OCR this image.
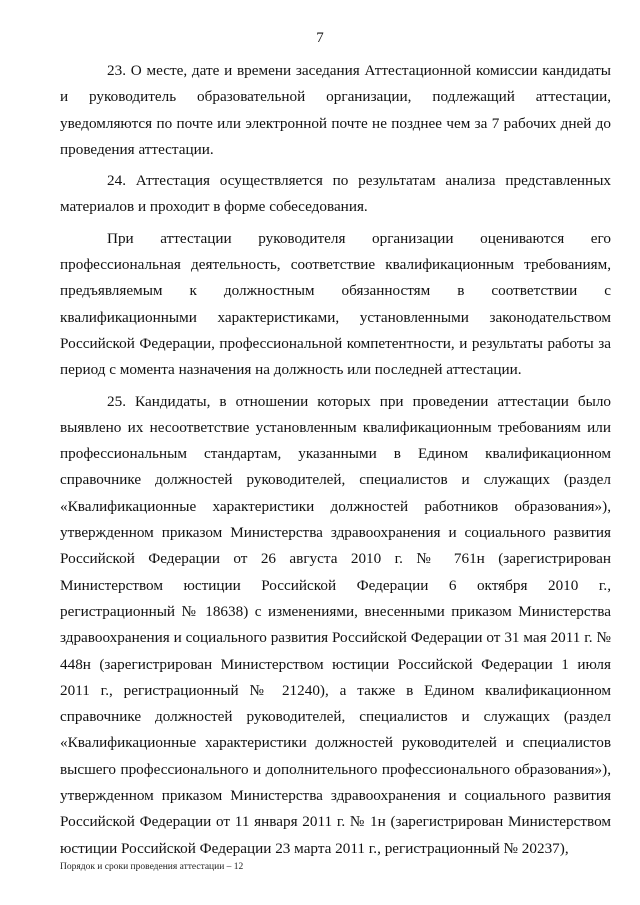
7

23. О месте, дате и времени заседания Аттестационной комиссии кандидаты и руководитель образовательной организации, подлежащий аттестации, уведомляются по почте или электронной почте не позднее чем за 7 рабочих дней до проведения аттестации.

24. Аттестация осуществляется по результатам анализа представленных материалов и проходит в форме собеседования.

При аттестации руководителя организации оцениваются его профессиональная деятельность, соответствие квалификационным требованиям, предъявляемым к должностным обязанностям в соответствии с квалификационными характеристиками, установленными законодательством Российской Федерации, профессиональной компетентности, и результаты работы за период с момента назначения на должность или последней аттестации.

25. Кандидаты, в отношении которых при проведении аттестации было выявлено их несоответствие установленным квалификационным требованиям или профессиональным стандартам, указанными в Едином квалификационном справочнике должностей руководителей, специалистов и служащих (раздел «Квалификационные характеристики должностей работников образования»), утвержденном приказом Министерства здравоохранения и социального развития Российской Федерации от 26 августа 2010 г. № 761н (зарегистрирован Министерством юстиции Российской Федерации 6 октября 2010 г., регистрационный № 18638) с изменениями, внесенными приказом Министерства здравоохранения и социального развития Российской Федерации от 31 мая 2011 г. № 448н (зарегистрирован Министерством юстиции Российской Федерации 1 июля 2011 г., регистрационный № 21240), а также в Едином квалификационном справочнике должностей руководителей, специалистов и служащих (раздел «Квалификационные характеристики должностей руководителей и специалистов высшего профессионального и дополнительного профессионального образования»), утвержденном приказом Министерства здравоохранения и социального развития Российской Федерации от 11 января 2011 г. № 1н (зарегистрирован Министерством юстиции Российской Федерации 23 марта 2011 г., регистрационный № 20237),

Порядок и сроки проведения аттестации – 12
